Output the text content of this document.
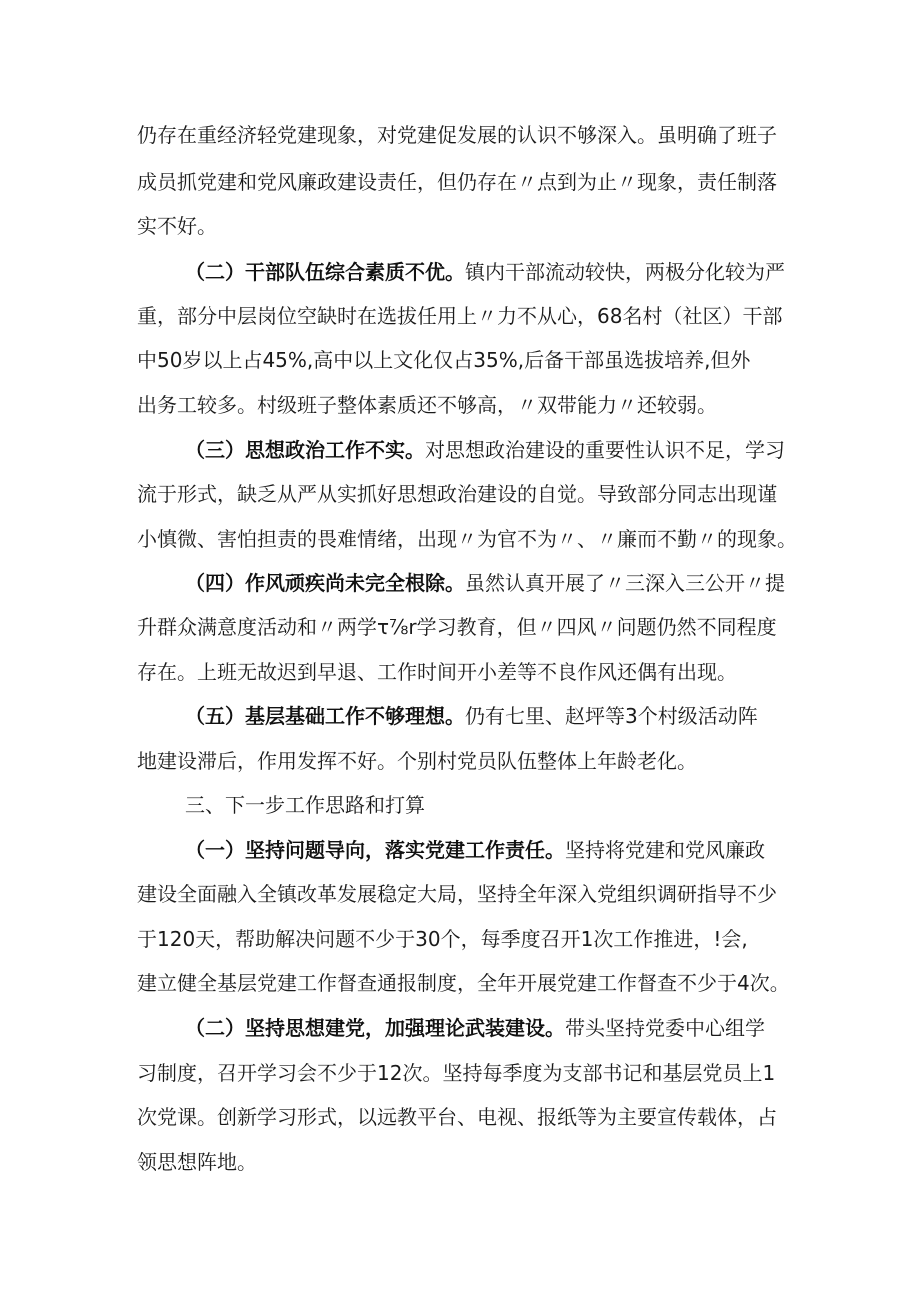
仍存在重经济轻党建现象，对党建促发展的认识不够深入。虽明确了班子
成员抓党建和党风廉政建设责任，但仍存在〃点到为止〃现象，责任制落
实不好。
（二）干部队伍综合素质不优。镇内干部流动较快，两极分化较为严
重，部分中层岗位空缺时在选拔任用上〃力不从心，68名村（社区）干部
中50岁以上占45%,高中以上文化仅占35%,后备干部虽选拔培养,但外
出务工较多。村级班子整体素质还不够高，〃双带能力〃还较弱。
（三）思想政治工作不实。对思想政治建设的重要性认识不足，学习
流于形式，缺乏从严从实抓好思想政治建设的自觉。导致部分同志出现谨
小慎微、害怕担责的畏难情绪，出现〃为官不为〃、〃廉而不勤〃的现象。
（四）作风顽疾尚未完全根除。虽然认真开展了〃三深入三公开〃提
升群众满意度活动和〃两学τ⅞r学习教育，但〃四风〃问题仍然不同程度
存在。上班无故迟到早退、工作时间开小差等不良作风还偶有出现。
（五）基层基础工作不够理想。仍有七里、赵坪等3个村级活动阵
地建设滞后，作用发挥不好。个别村党员队伍整体上年龄老化。
三、下一步工作思路和打算
（一）坚持问题导向，落实党建工作责任。坚持将党建和党风廉政
建设全面融入全镇改革发展稳定大局，坚持全年深入党组织调研指导不少
于120天，帮助解决问题不少于30个，每季度召开1次工作推进，!会,
建立健全基层党建工作督查通报制度，全年开展党建工作督查不少于4次。
（二）坚持思想建党，加强理论武装建设。带头坚持党委中心组学
习制度，召开学习会不少于12次。坚持每季度为支部书记和基层党员上1
次党课。创新学习形式，以远教平台、电视、报纸等为主要宣传载体，占
领思想阵地。
